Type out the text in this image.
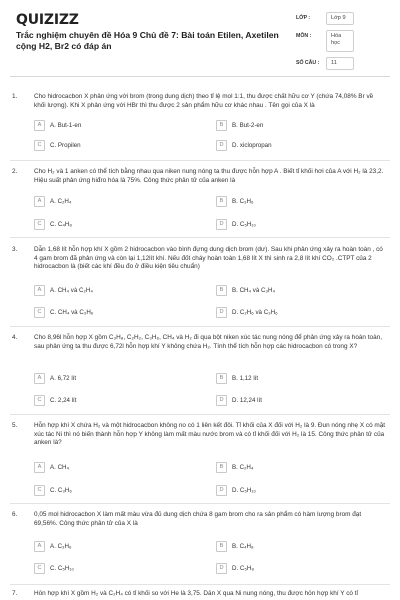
QUIZIZZ
Trắc nghiệm chuyên đề Hóa 9 Chủ đề 7: Bài toán Etilen, Axetilen cộng H2, Br2 có đáp án
LỚP :	Lớp 9
MÔN :	Hóa học
SỐ CÂU :	11
1.	Cho hidrocacbon X phản ứng với brom (trong dung dịch) theo tỉ lệ mol 1:1, thu được chất hữu cơ Y (chứa 74,08% Br về khối lượng). Khi X phản ứng với HBr thì thu được 2 sản phẩm hữu cơ khác nhau . Tên gọi của X là
A	A. But-1-en	B	B. But-2-en
C	C. Propilen	D	D. xiclopropan
2.	Cho H₂ và 1 anken có thể tích bằng nhau qua niken nung nóng ta thu được hỗn hợp A . Biết tỉ khối hơi của A với H₂ là 23,2. Hiệu suất phản ứng hiđro hóa là 75%. Công thức phân tử của anken là
A	A. C₂H₄	B	B. C₃H₆
C	C. C₄H₈	D	D. C₅H₁₀
3.	Dẫn 1,68 lít hỗn hợp khí X gồm 2 hidrocacbon vào bình đựng dung dịch brom (dư). Sau khi phản ứng xảy ra hoàn toàn , có 4 gam brom đã phản ứng và còn lại 1,12lít khí. Nếu đốt cháy hoàn toàn 1,68 lít X thì sinh ra 2,8 lít khí CO₂ .CTPT của 2 hidrocacbon là (biết các khí đều đo ở điều kiện tiêu chuẩn)
A	A. CH₄ và C₂H₄	B	B. CH₄ và C₃H₄
C	C. CH₄ và C₃H₆	D	D. C₂H₆ và C₃H₆
4.	Cho 8,96l hỗn hợp X gồm C₃H₈, C₂H₂, C₃H₆, CH₄ và H₂ đi qua bột niken xúc tác nung nóng để phản ứng xảy ra hoàn toàn, sau phản ứng ta thu được 6,72l hỗn hợp khí Y không chứa H₂. Tính thể tích hỗn hợp các hidrocacbon có trong X?
A	A. 6,72 lít	B	B. 1,12 lít
C	C. 2,24 lít	D	D. 12,24 lít
5.	Hỗn hợp khí X chứa H₂ và một hidrocacbon không no có 1 liên kết đôi. Tỉ khối của X đối với H₂ là 9. Đun nóng nhẹ X có mặt xúc tác Ni thì nó biến thành hỗn hợp Y không làm mất màu nước brom và có tỉ khối đối với H₂ là 15. Công thức phân tử của anken là?
A	A. CH₄	B	B. C₂H₄
C	C. C₃H₆	D	D. C₅H₁₀
6.	0,05 mol hidrocacbon X làm mất màu vừa đủ dung dịch chứa 8 gam brom cho ra sản phẩm có hàm lượng brom đạt 69,56%. Công thức phân tử của X là
A	A. C₃H₆	B	B. C₄H₈
C	C. C₅H₁₀	D	D. C₅H₈
7.	Hỗn hợp khí X gồm H₂ và C₂H₄ có tỉ khối so với He là 3,75. Dẫn X qua Ni nung nóng, thu được hỗn hợp khí Y có tỉ
